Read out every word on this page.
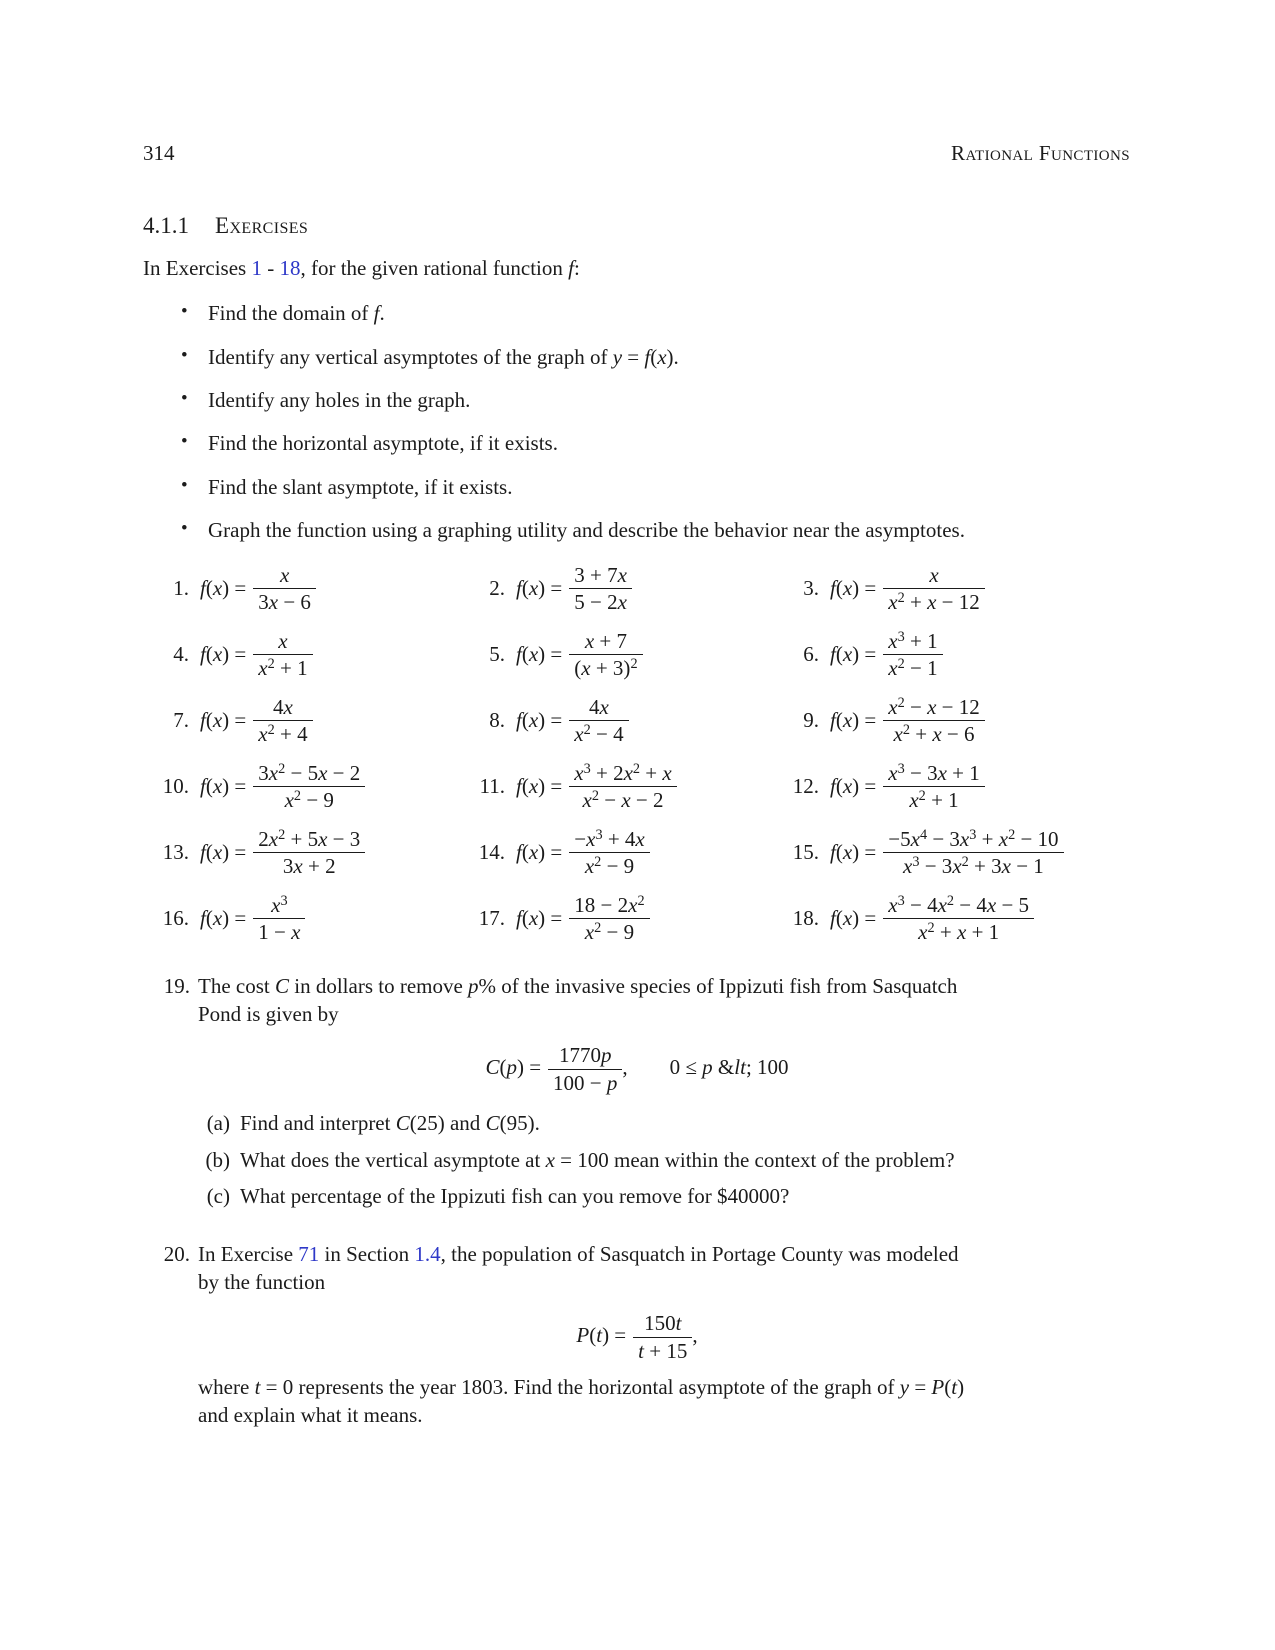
314	Rational Functions
4.1.1 Exercises

In Exercises 1 - 18, for the given rational function f:

• Find the domain of f.
• Identify any vertical asymptotes of the graph of y = f(x).
• Identify any holes in the graph.
• Find the horizontal asymptote, if it exists.
• Find the slant asymptote, if it exists.
• Graph the function using a graphing utility and describe the behavior near the asymptotes.
1. $f(x) = \frac{x}{3x - 6}$	2. $f(x) = \frac{3 + 7x}{5 - 2x}$	3. $f(x) = \frac{x}{x^2 + x - 12}$
4. $f(x) = \frac{x}{x^2 + 1}$	5. $f(x) = \frac{x + 7}{(x + 3)^2}$	6. $f(x) = \frac{x^3 + 1}{x^2 - 1}$
7. $f(x) = \frac{4x}{x^2 + 4}$	8. $f(x) = \frac{4x}{x^2 - 4}$	9. $f(x) = \frac{x^2 - x - 12}{x^2 + x - 6}$
10. $f(x) = \frac{3x^2 - 5x - 2}{x^2 - 9}$	11. $f(x) = \frac{x^3 + 2x^2 + x}{x^2 - x - 2}$	12. $f(x) = \frac{x^3 - 3x + 1}{x^2 + 1}$
13. $f(x) = \frac{2x^2 + 5x - 3}{3x + 2}$	14. $f(x) = \frac{-x^3 + 4x}{x^2 - 9}$	15. $f(x) = \frac{-5x^4 - 3x^3 + x^2 - 10}{x^3 - 3x^2 + 3x - 1}$
16. $f(x) = \frac{x^3}{1 - x}$	17. $f(x) = \frac{18 - 2x^2}{x^2 - 9}$	18. $f(x) = \frac{x^3 - 4x^2 - 4x - 5}{x^2 + x + 1}$
19. The cost C in dollars to remove p% of the invasive species of Ippizuti fish from Sasquatch
Pond is given by

$C(p) = \frac{1770p}{100 - p}$ , 0 ≤ p &lt; 100
(a) Find and interpret C(25) and C(95).
(b) What does the vertical asymptote at x = 100 mean within the context of the problem?
(c) What percentage of the Ippizuti fish can you remove for $40000?
20. In Exercise 71 in Section 1.4, the population of Sasquatch in Portage County was modeled
by the function

$P(t) = \frac{150t}{t + 15}$ ,

where t = 0 represents the year 1803. Find the horizontal asymptote of the graph of y = P(t)
and explain what it means.
